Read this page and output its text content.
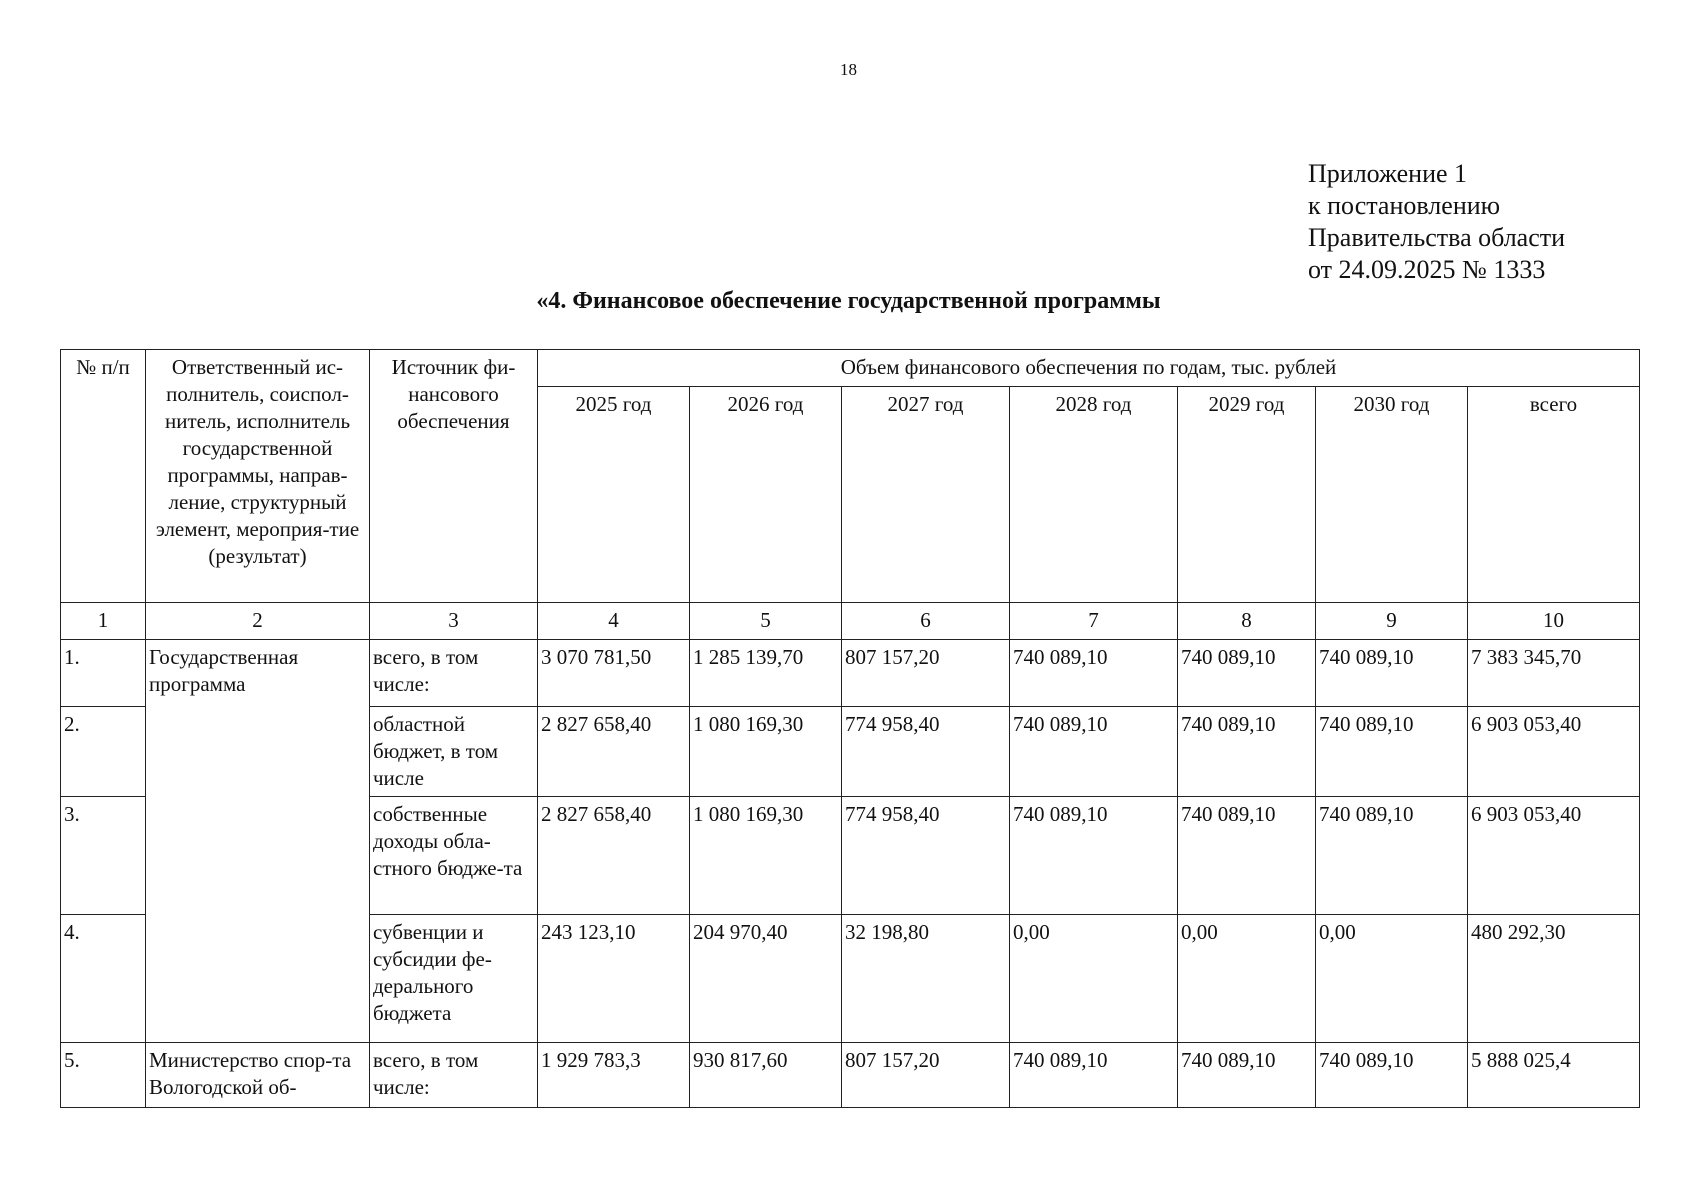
18
Приложение 1
к постановлению
Правительства области
от 24.09.2025 № 1333
«4. Финансовое обеспечение государственной программы
№ п/п	Ответственный ис-полнитель, соиспол-нитель, исполнитель государственной программы, направ-ление, структурный элемент, мероприя-тие (результат)	Источник фи-нансового обеспечения	Объем финансового обеспечения по годам, тыс. рублей						
			2025 год	2026 год	2027 год	2028 год	2029 год	2030 год	всего
1	2	3	4	5	6	7	8	9	10
1.	Государственная программа	всего, в том числе:	3 070 781,50	1 285 139,70	807 157,20	740 089,10	740 089,10	740 089,10	7 383 345,70
2.		областной бюджет, в том числе	2 827 658,40	1 080 169,30	774 958,40	740 089,10	740 089,10	740 089,10	6 903 053,40
3.		собственные доходы обла-стного бюдже-та	2 827 658,40	1 080 169,30	774 958,40	740 089,10	740 089,10	740 089,10	6 903 053,40
4.		субвенции и субсидии фе-дерального бюджета	243 123,10	204 970,40	32 198,80	0,00	0,00	0,00	480 292,30
5.	Министерство спор-та Вологодской об-	всего, в том числе:	1 929 783,3	930 817,60	807 157,20	740 089,10	740 089,10	740 089,10	5 888 025,4
